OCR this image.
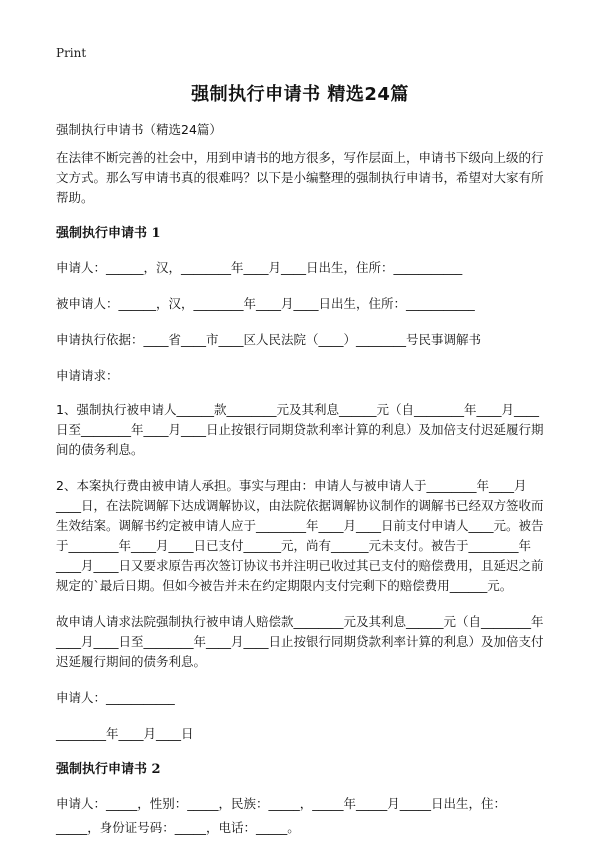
Print
强制执行申请书 精选24篇

强制执行申请书（精选24篇）

在法律不断完善的社会中，用到申请书的地方很多，写作层面上，申请书下级向上级的行文方式。那么写申请书真的很难吗？以下是小编整理的强制执行申请书，希望对大家有所帮助。

强制执行申请书 1

申请人：______，汉，________年____月____日出生，住所：___________

被申请人：______，汉，________年____月____日出生，住所：___________

申请执行依据：____省____市____区人民法院（____）________号民事调解书

申请请求：

1、强制执行被申请人______款________元及其利息______元（自________年____月____日至________年____月____日止按银行同期贷款利率计算的利息）及加倍支付迟延履行期间的债务利息。

2、本案执行费由被申请人承担。事实与理由：申请人与被申请人于________年____月____日，在法院调解下达成调解协议，由法院依据调解协议制作的调解书已经双方签收而生效结案。调解书约定被申请人应于________年____月____日前支付申请人____元。被告于________年____月____日已支付______元，尚有______元未支付。被告于________年____月____日又要求原告再次签订协议书并注明已收过其已支付的赔偿费用，且延迟之前规定的`最后日期。但如今被告并未在约定期限内支付完剩下的赔偿费用______元。

故申请人请求法院强制执行被申请人赔偿款________元及其利息______元（自________年____月____日至________年____月____日止按银行同期贷款利率计算的利息）及加倍支付迟延履行期间的债务利息。

申请人：___________

________年____月____日

强制执行申请书 2

申请人：_____，性别：_____，民族：_____，_____年_____月_____日出生，住：

_____，身份证号码：_____，电话：_____。
